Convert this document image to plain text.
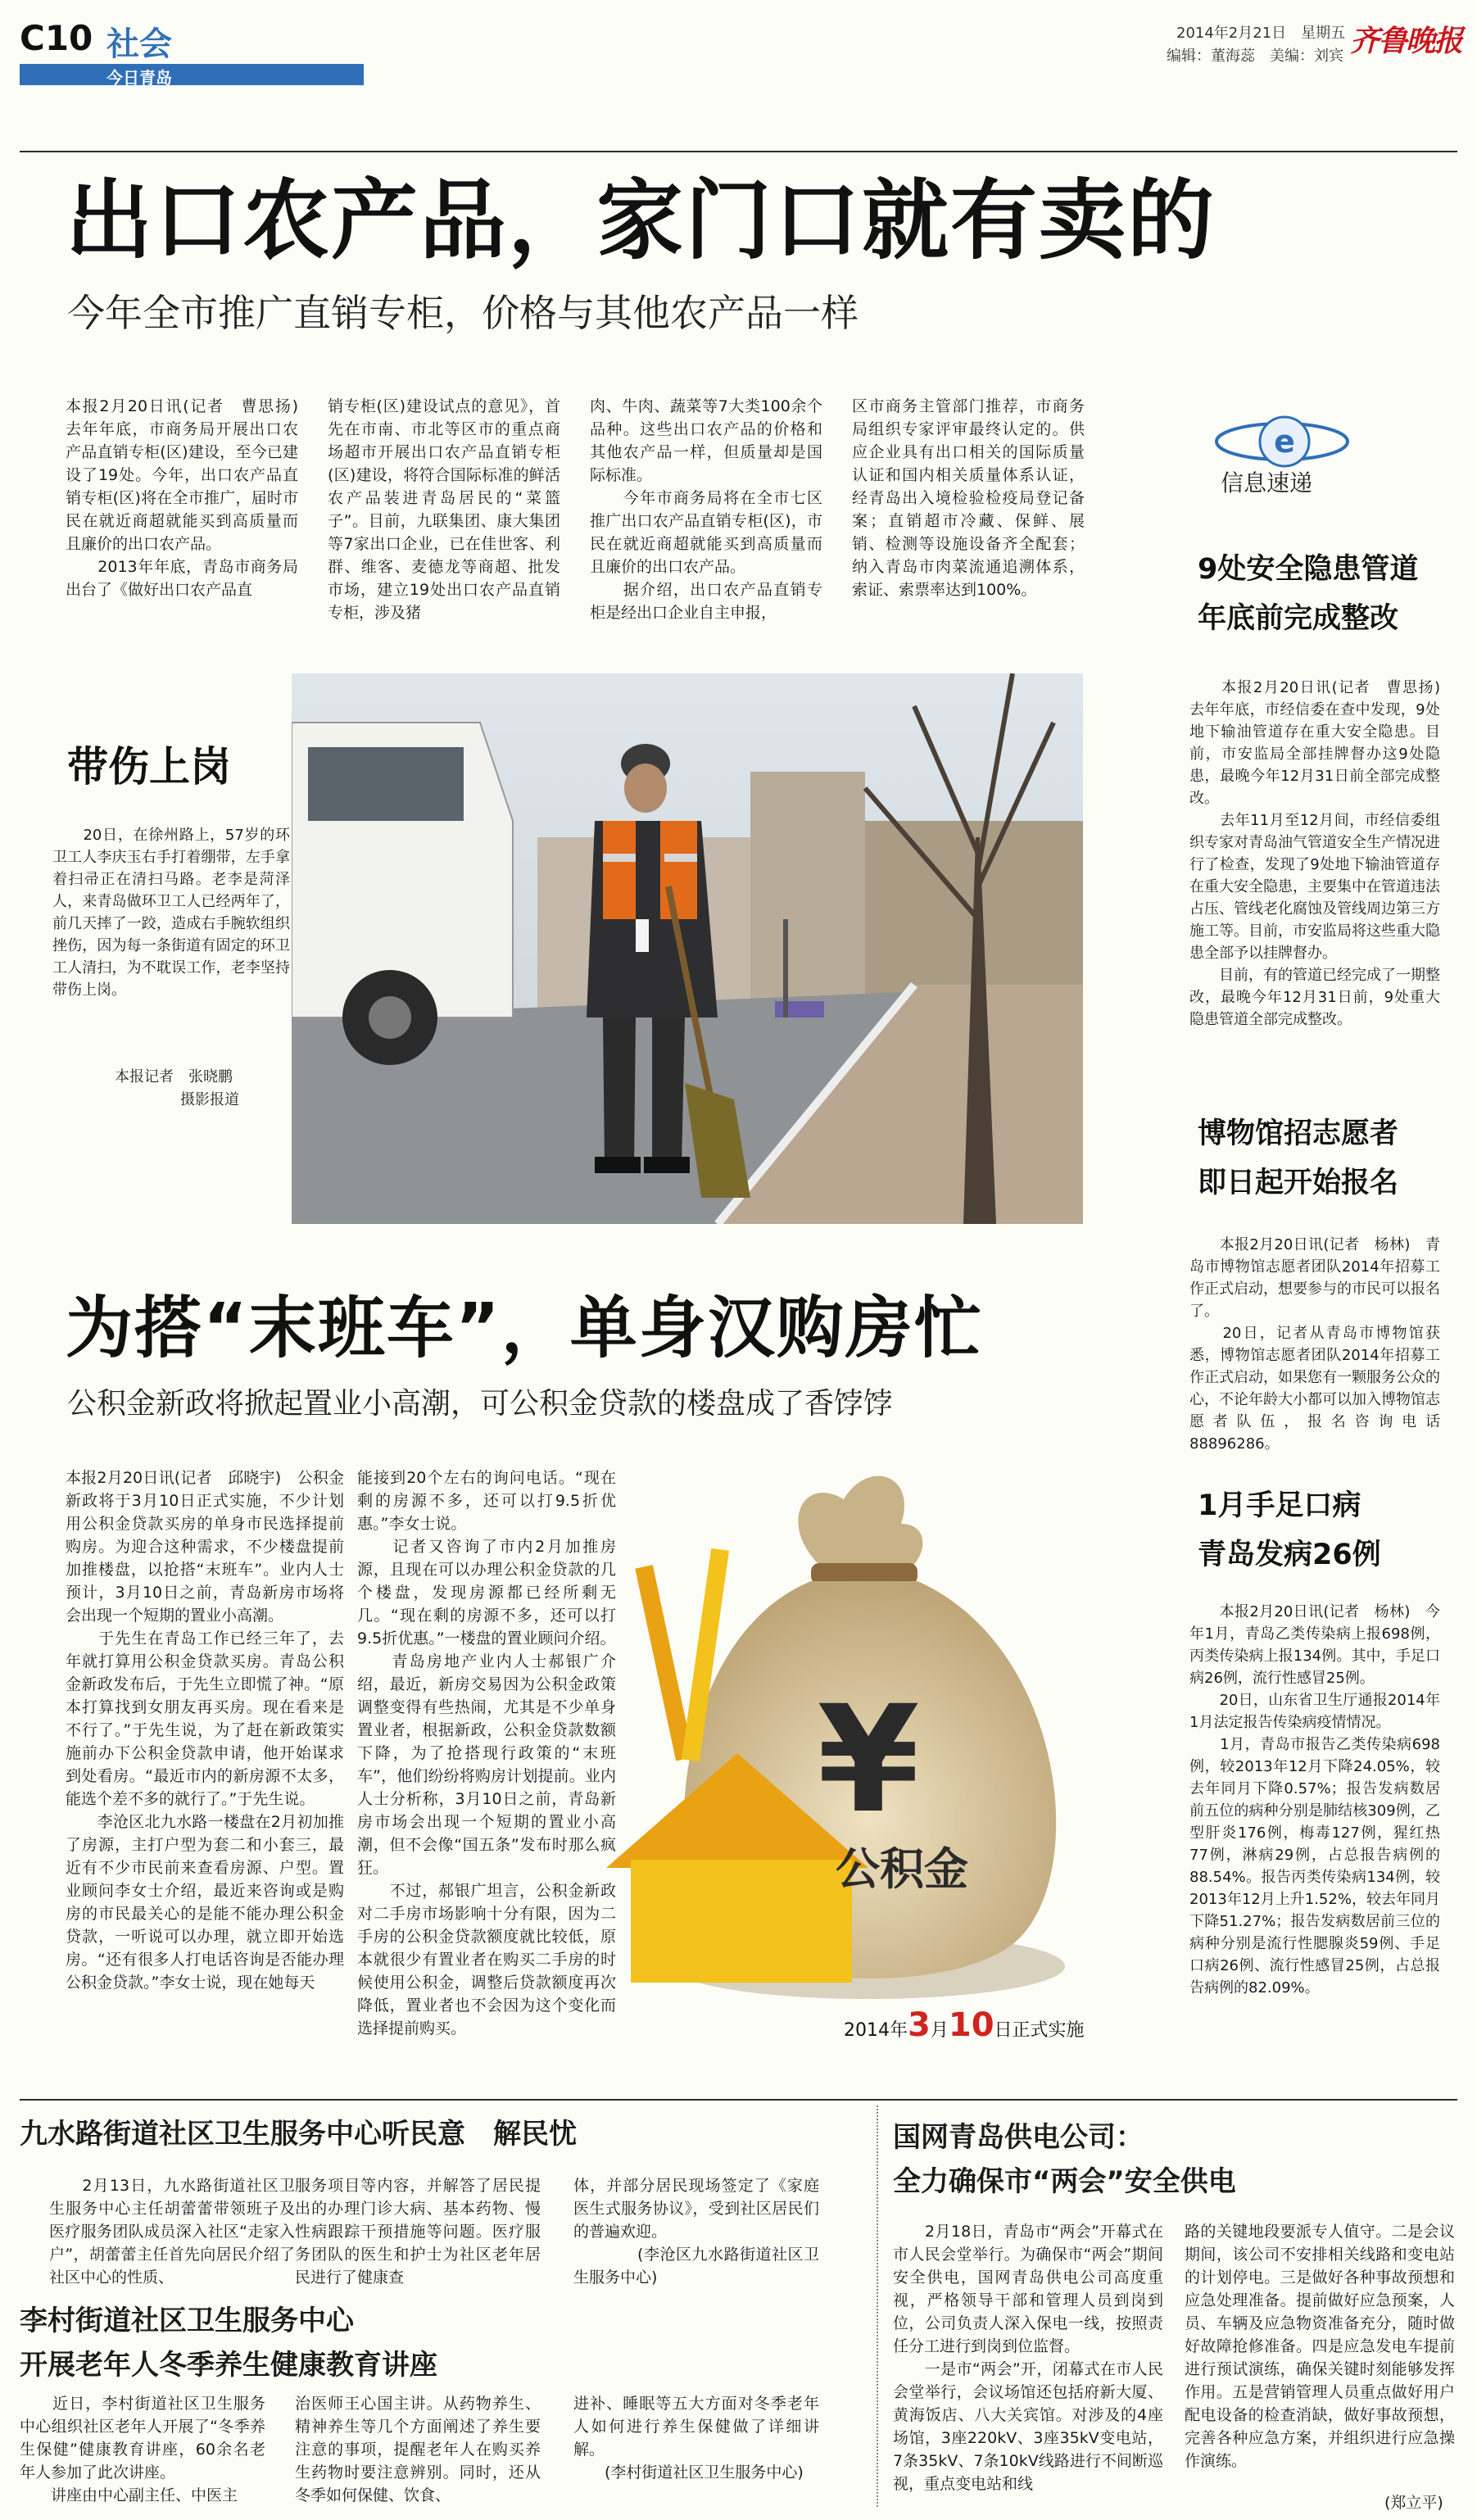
C10 社会
今日青岛
2014年2月21日　星期五
编辑：董海蕊　美编：刘宾 齐鲁晚报
出口农产品，家门口就有卖的
今年全市推广直销专柜，价格与其他农产品一样
本报2月20日讯(记者　曹思扬)　去年年底，市商务局开展出口农产品直销专柜(区)建设，至今已建设了19处。今年，出口农产品直销专柜(区)将在全市推广，届时市民在就近商超就能买到高质量而且廉价的出口农产品。
　　2013年年底，青岛市商务局出台了《做好出口农产品直
销专柜(区)建设试点的意见》，首先在市南、市北等区市的重点商场超市开展出口农产品直销专柜(区)建设，将符合国际标准的鲜活农产品装进青岛居民的“菜篮子”。目前，九联集团、康大集团等7家出口企业，已在佳世客、利群、维客、麦德龙等商超、批发市场，建立19处出口农产品直销专柜，涉及猪
肉、牛肉、蔬菜等7大类100余个品种。这些出口农产品的价格和其他农产品一样，但质量却是国际标准。
　　今年市商务局将在全市七区推广出口农产品直销专柜(区)，市民在就近商超就能买到高质量而且廉价的出口农产品。
　　据介绍，出口农产品直销专柜是经出口企业自主申报，
区市商务主管部门推荐，市商务局组织专家评审最终认定的。供应企业具有出口相关的国际质量认证和国内相关质量体系认证，经青岛出入境检验检疫局登记备案；直销超市冷藏、保鲜、展销、检测等设施设备齐全配套；纳入青岛市肉菜流通追溯体系，索证、索票率达到100%。
带伤上岗
　　20日，在徐州路上，57岁的环卫工人李庆玉右手打着绷带，左手拿着扫帚正在清扫马路。老李是菏泽人，来青岛做环卫工人已经两年了，前几天摔了一跤，造成右手腕软组织挫伤，因为每一条街道有固定的环卫工人清扫，为不耽误工作，老李坚持带伤上岗。
本报记者　张晓鹏
摄影报道
e
信息速递
9处安全隐患管道
年底前完成整改
　　本报2月20日讯(记者　曹思扬)　去年年底，市经信委在查中发现，9处地下输油管道存在重大安全隐患。目前，市安监局全部挂牌督办这9处隐患，最晚今年12月31日前全部完成整改。
　　去年11月至12月间，市经信委组织专家对青岛油气管道安全生产情况进行了检查，发现了9处地下输油管道存在重大安全隐患，主要集中在管道违法占压、管线老化腐蚀及管线周边第三方施工等。目前，市安监局将这些重大隐患全部予以挂牌督办。
　　目前，有的管道已经完成了一期整改，最晚今年12月31日前，9处重大隐患管道全部完成整改。
博物馆招志愿者
即日起开始报名
　　本报2月20日讯(记者　杨林)　青岛市博物馆志愿者团队2014年招募工作正式启动，想要参与的市民可以报名了。
　　20日，记者从青岛市博物馆获悉，博物馆志愿者团队2014年招募工作正式启动，如果您有一颗服务公众的心，不论年龄大小都可以加入博物馆志愿者队伍，报名咨询电话88896286。
1月手足口病
青岛发病26例
　　本报2月20日讯(记者　杨林)　今年1月，青岛乙类传染病上报698例，丙类传染病上报134例。其中，手足口病26例，流行性感冒25例。
　　20日，山东省卫生厅通报2014年1月法定报告传染病疫情情况。
　　1月，青岛市报告乙类传染病698例，较2013年12月下降24.05%，较去年同月下降0.57%；报告发病数居前五位的病种分别是肺结核309例，乙型肝炎176例，梅毒127例，猩红热77例，淋病29例，占总报告病例的88.54%。报告丙类传染病134例，较2013年12月上升1.52%，较去年同月下降51.27%；报告发病数居前三位的病种分别是流行性腮腺炎59例、手足口病26例、流行性感冒25例，占总报告病例的82.09%。
为搭“末班车”，单身汉购房忙
公积金新政将掀起置业小高潮，可公积金贷款的楼盘成了香饽饽
本报2月20日讯(记者　邱晓宇)　公积金新政将于3月10日正式实施，不少计划用公积金贷款买房的单身市民选择提前购房。为迎合这种需求，不少楼盘提前加推楼盘，以抢搭“末班车”。业内人士预计，3月10日之前，青岛新房市场将会出现一个短期的置业小高潮。
　　于先生在青岛工作已经三年了，去年就打算用公积金贷款买房。青岛公积金新政发布后，于先生立即慌了神。“原本打算找到女朋友再买房。现在看来是不行了。”于先生说，为了赶在新政策实施前办下公积金贷款申请，他开始谋求到处看房。“最近市内的新房源不太多，能选个差不多的就行了。”于先生说。
　　李沧区北九水路一楼盘在2月初加推了房源，主打户型为套二和小套三，最近有不少市民前来查看房源、户型。置业顾问李女士介绍，最近来咨询或是购房的市民最关心的是能不能办理公积金贷款，一听说可以办理，就立即开始选房。“还有很多人打电话咨询是否能办理公积金贷款。”李女士说，现在她每天
能接到20个左右的询问电话。“现在剩的房源不多，还可以打9.5折优惠。”李女士说。
　　记者又咨询了市内2月加推房源，且现在可以办理公积金贷款的几个楼盘，发现房源都已经所剩无几。“现在剩的房源不多，还可以打9.5折优惠。”一楼盘的置业顾问介绍。
　　青岛房地产业内人士郝银广介绍，最近，新房交易因为公积金政策调整变得有些热闹，尤其是不少单身置业者，根据新政，公积金贷款数额下降，为了抢搭现行政策的“末班车”，他们纷纷将购房计划提前。业内人士分析称，3月10日之前，青岛新房市场会出现一个短期的置业小高潮，但不会像“国五条”发布时那么疯狂。
　　不过，郝银广坦言，公积金新政对二手房市场影响十分有限，因为二手房的公积金贷款额度就比较低，原本就很少有置业者在购买二手房的时候使用公积金，调整后贷款额度再次降低，置业者也不会因为这个变化而选择提前购买。
¥
公积金
2014年3月10日正式实施
九水路街道社区卫生服务中心听民意　解民忧
　　2月13日，九水路街道社区卫生服务中心主任胡蕾蕾带领班子及医疗服务团队成员深入社区“走家入户”，胡蕾蕾主任首先向居民介绍了社区中心的性质、
服务项目等内容，并解答了居民提出的办理门诊大病、基本药物、慢性病跟踪干预措施等问题。医疗服务团队的医生和护士为社区老年居民进行了健康查
体，并部分居民现场签定了《家庭医生式服务协议》，受到社区居民们的普遍欢迎。
　　　　(李沧区九水路街道社区卫生服务中心)
李村街道社区卫生服务中心
开展老年人冬季养生健康教育讲座
　　近日，李村街道社区卫生服务中心组织社区老年人开展了“冬季养生保健”健康教育讲座，60余名老年人参加了此次讲座。
　　讲座由中心副主任、中医主
治医师王心国主讲。从药物养生、精神养生等几个方面阐述了养生要注意的事项，提醒老年人在购买养生药物时要注意辨别。同时，还从冬季如何保健、饮食、
进补、睡眠等五大方面对冬季老年人如何进行养生保健做了详细讲解。
　　(李村街道社区卫生服务中心)
国网青岛供电公司：
全力确保市“两会”安全供电
　　2月18日，青岛市“两会”开幕式在市人民会堂举行。为确保市“两会”期间安全供电，国网青岛供电公司高度重视，严格领导干部和管理人员到岗到位，公司负责人深入保电一线，按照责任分工进行到岗到位监督。
　　一是市“两会”开，闭幕式在市人民会堂举行，会议场馆还包括府新大厦、黄海饭店、八大关宾馆。对涉及的4座场馆，3座220kV、3座35kV变电站，7条35kV、7条10kV线路进行不间断巡视，重点变电站和线
路的关键地段要派专人值守。二是会议期间，该公司不安排相关线路和变电站的计划停电。三是做好各种事故预想和应急处理准备。提前做好应急预案，人员、车辆及应急物资准备充分，随时做好故障抢修准备。四是应急发电车提前进行预试演练，确保关键时刻能够发挥作用。五是营销管理人员重点做好用户配电设备的检查消缺，做好事故预想，完善各种应急方案，并组织进行应急操作演练。
(郑立平)
